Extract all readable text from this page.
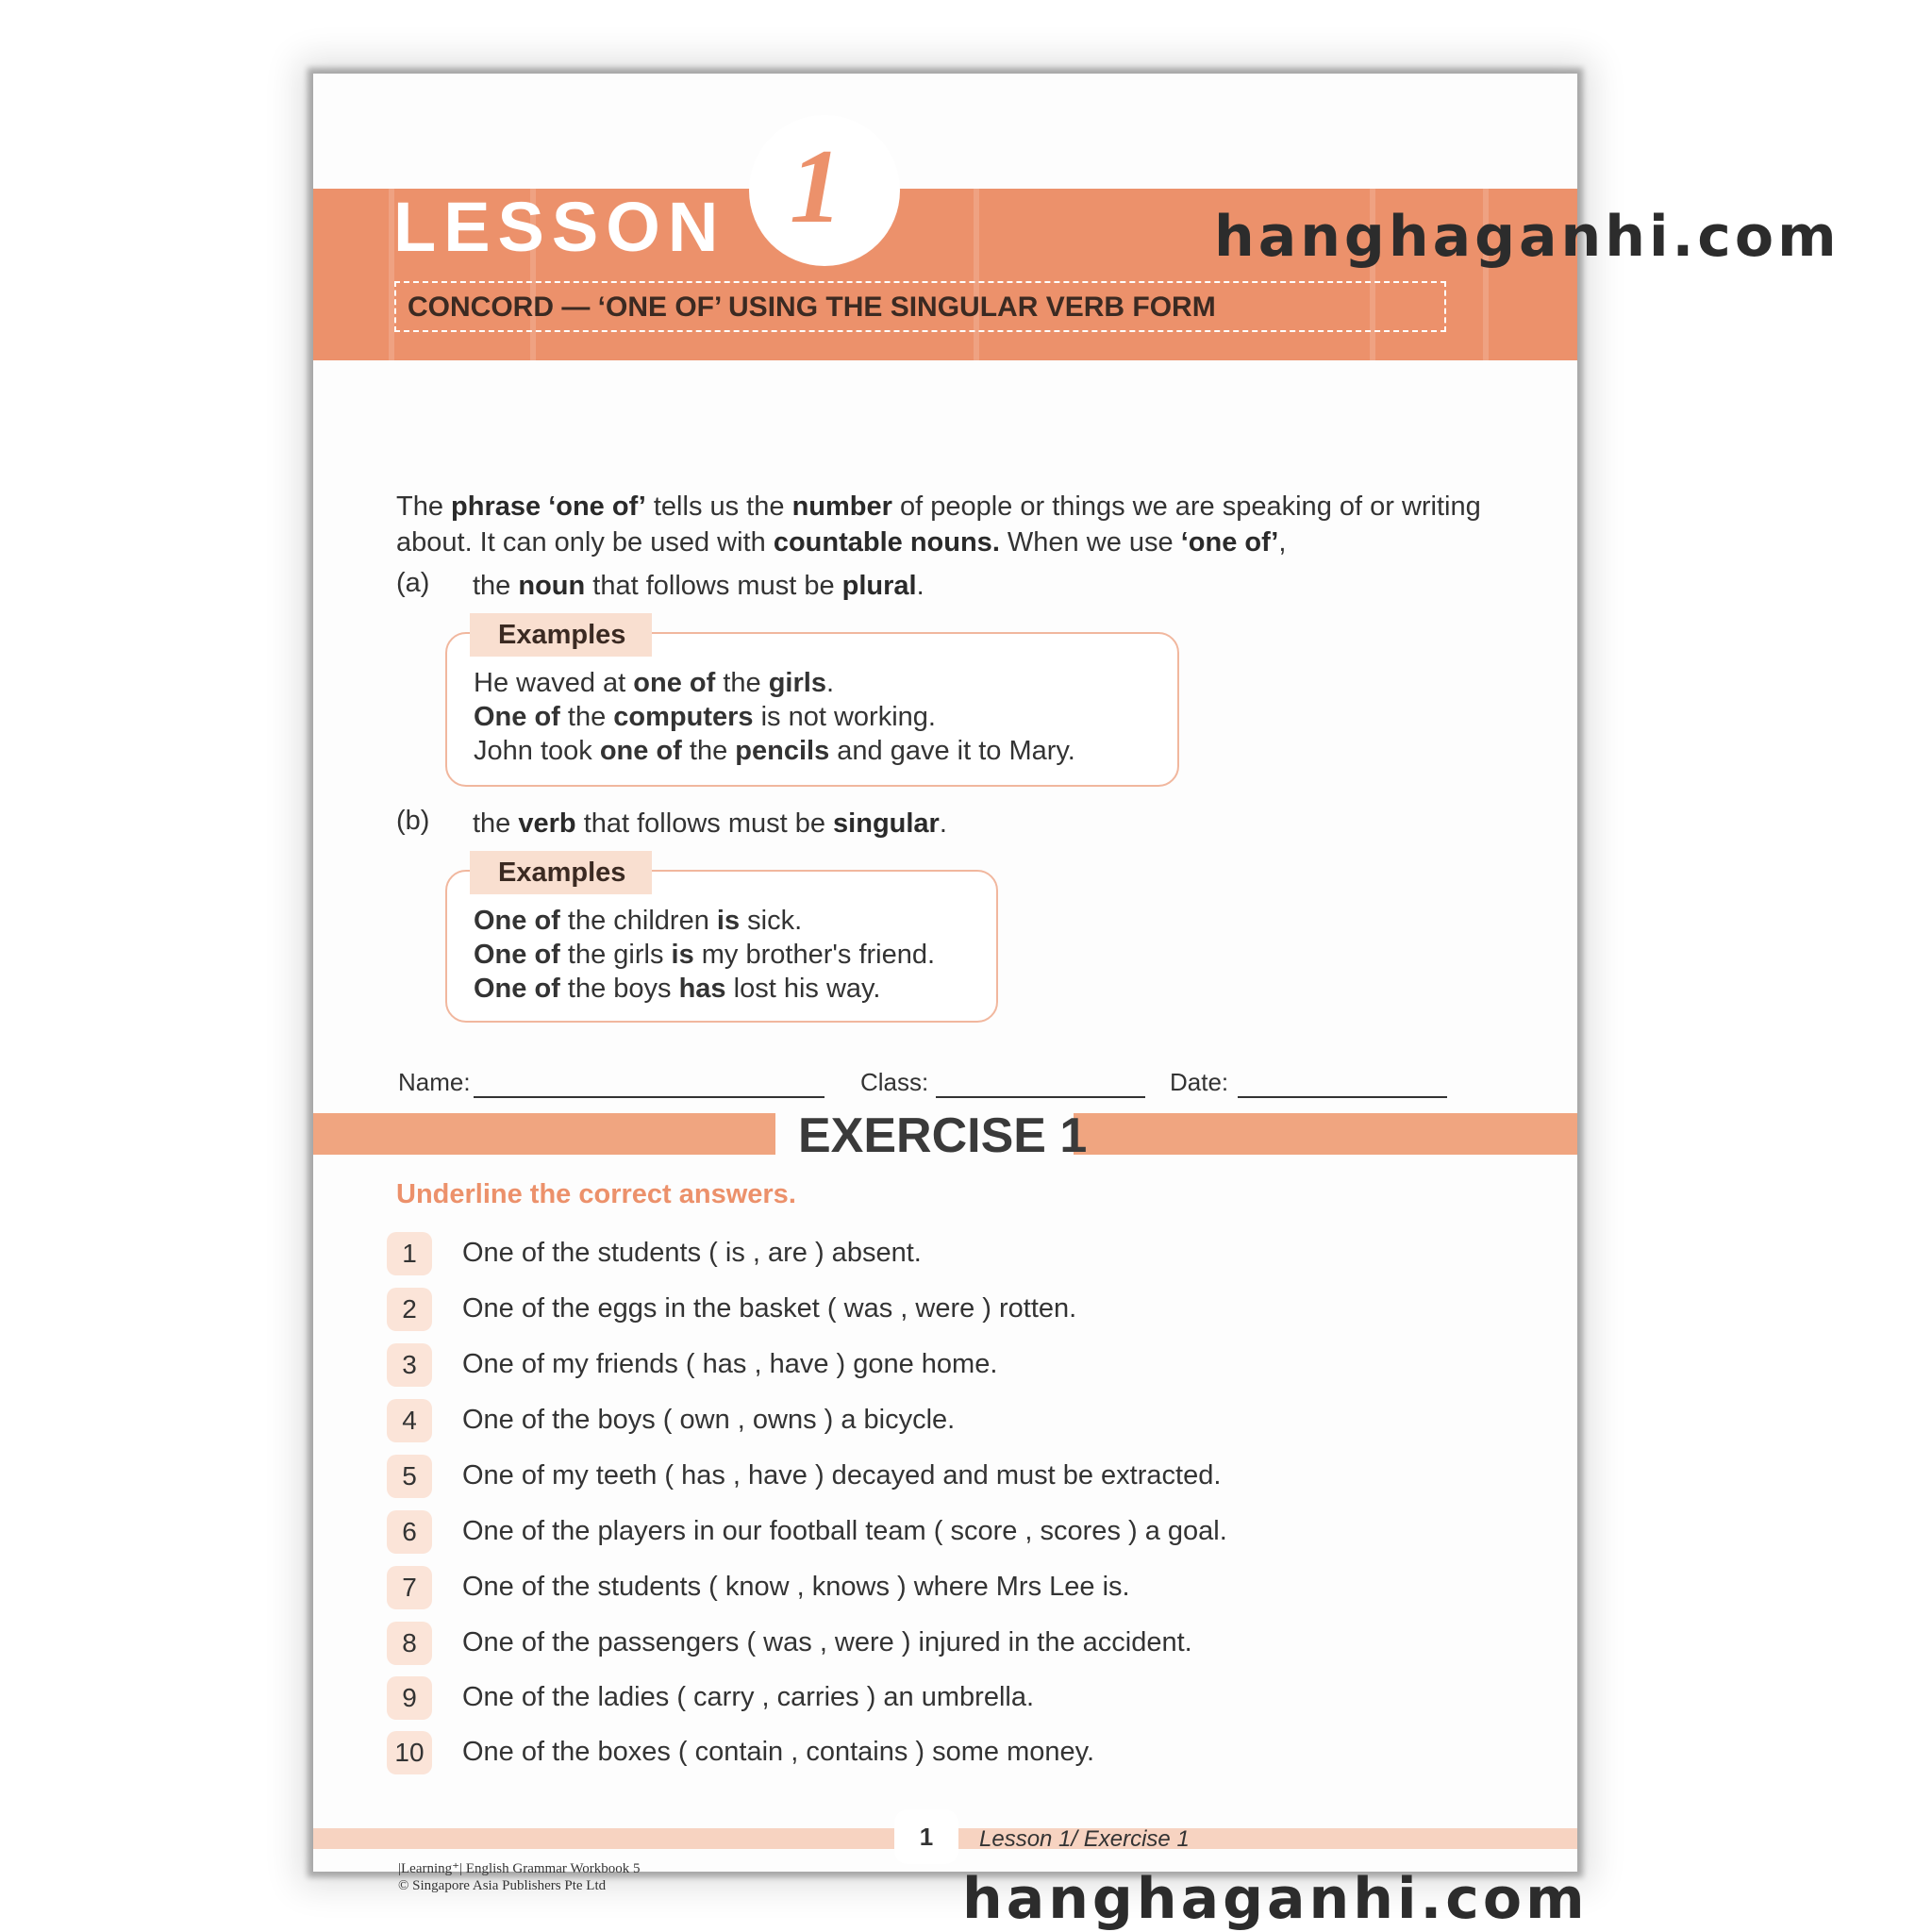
LESSON 1
CONCORD — ‘ONE OF’ USING THE SINGULAR VERB FORM
The phrase ‘one of’ tells us the number of people or things we are speaking of or writing about. It can only be used with countable nouns. When we use ‘one of’,
(a) the noun that follows must be plural.
Examples
He waved at one of the girls.
One of the computers is not working.
John took one of the pencils and gave it to Mary.
(b) the verb that follows must be singular.
Examples
One of the children is sick.
One of the girls is my brother's friend.
One of the boys has lost his way.
Name:	Class:	Date:
EXERCISE 1
Underline the correct answers.
1	One of the students ( is , are ) absent.
2	One of the eggs in the basket ( was , were ) rotten.
3	One of my friends ( has , have ) gone home.
4	One of the boys ( own , owns ) a bicycle.
5	One of my teeth ( has , have ) decayed and must be extracted.
6	One of the players in our football team ( score , scores ) a goal.
7	One of the students ( know , knows ) where Mrs Lee is.
8	One of the passengers ( was , were ) injured in the accident.
9	One of the ladies ( carry , carries ) an umbrella.
10 One of the boxes ( contain , contains ) some money.
1	Lesson 1/ Exercise 1
|Learning⁺| English Grammar Workbook 5
© Singapore Asia Publishers Pte Ltd
hanghaganhi.com
hanghaganhi.com
